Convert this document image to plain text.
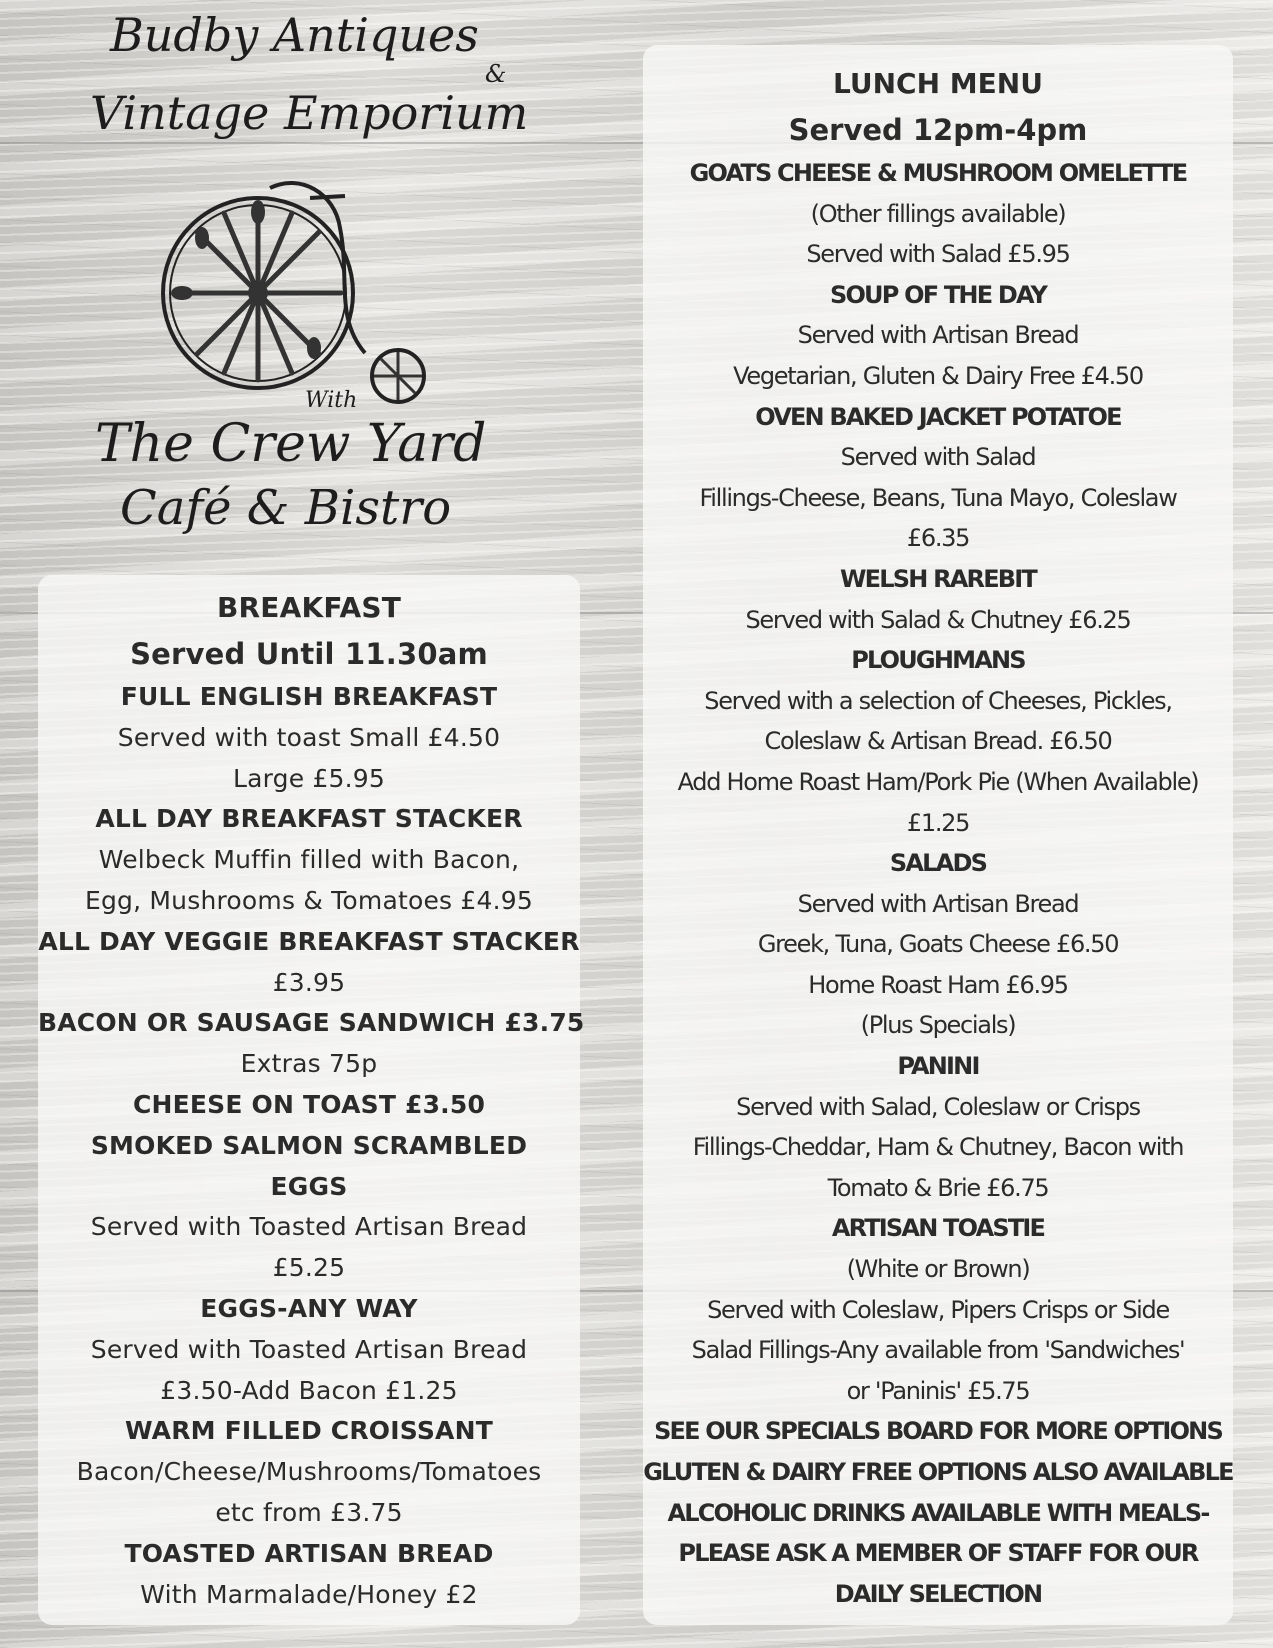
Budby Antiques
&
Vintage Emporium
With
The Crew Yard
Café & Bistro

BREAKFAST

Served Until 11.30am

FULL ENGLISH BREAKFAST

Served with toast Small £4.50

Large £5.95

ALL DAY BREAKFAST STACKER

Welbeck Muffin filled with Bacon,

Egg, Mushrooms & Tomatoes £4.95

ALL DAY VEGGIE BREAKFAST STACKER

£3.95

BACON OR SAUSAGE SANDWICH £3.75

Extras 75p

CHEESE ON TOAST £3.50

SMOKED SALMON SCRAMBLED

EGGS

Served with Toasted Artisan Bread

£5.25

EGGS-ANY WAY

Served with Toasted Artisan Bread

£3.50-Add Bacon £1.25

WARM FILLED CROISSANT

Bacon/Cheese/Mushrooms/Tomatoes

etc from £3.75

TOASTED ARTISAN BREAD

With Marmalade/Honey £2

LUNCH MENU

Served 12pm-4pm

GOATS CHEESE & MUSHROOM OMELETTE

(Other fillings available)

Served with Salad £5.95

SOUP OF THE DAY

Served with Artisan Bread

Vegetarian, Gluten & Dairy Free £4.50

OVEN BAKED JACKET POTATOE

Served with Salad

Fillings-Cheese, Beans, Tuna Mayo, Coleslaw

£6.35

WELSH RAREBIT

Served with Salad & Chutney £6.25

PLOUGHMANS

Served with a selection of Cheeses, Pickles,

Coleslaw & Artisan Bread. £6.50

Add Home Roast Ham/Pork Pie (When Available)

£1.25

SALADS

Served with Artisan Bread

Greek, Tuna, Goats Cheese £6.50

Home Roast Ham £6.95

(Plus Specials)

PANINI

Served with Salad, Coleslaw or Crisps

Fillings-Cheddar, Ham & Chutney, Bacon with

Tomato & Brie £6.75

ARTISAN TOASTIE

(White or Brown)

Served with Coleslaw, Pipers Crisps or Side

Salad Fillings-Any available from 'Sandwiches'

or 'Paninis' £5.75

SEE OUR SPECIALS BOARD FOR MORE OPTIONS

GLUTEN & DAIRY FREE OPTIONS ALSO AVAILABLE

ALCOHOLIC DRINKS AVAILABLE WITH MEALS-

PLEASE ASK A MEMBER OF STAFF FOR OUR

DAILY SELECTION
